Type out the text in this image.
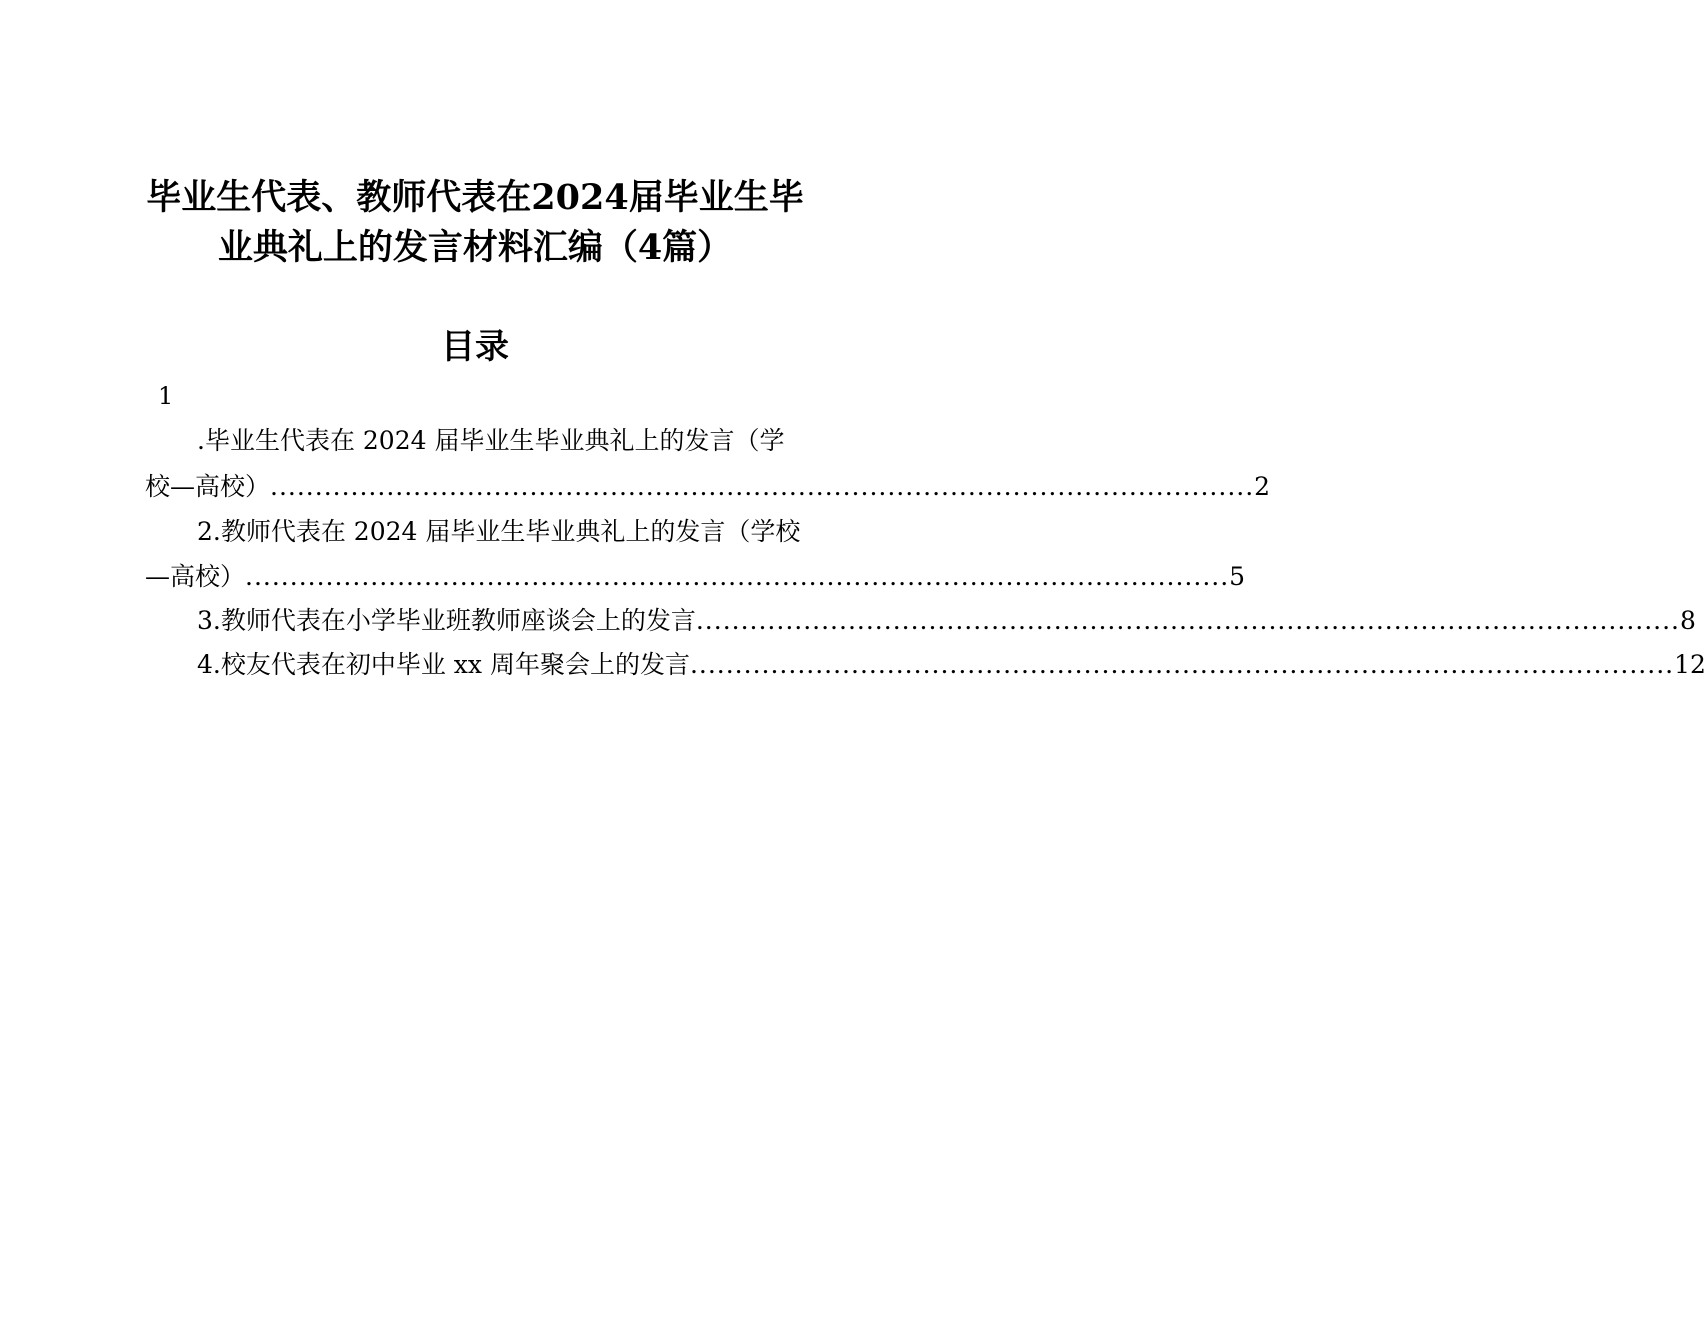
毕业生代表、教师代表在2024届毕业生毕
业典礼上的发言材料汇编（4篇）
目录
1
.毕业生代表在 2024 届毕业生毕业典礼上的发言（学
校—高校） .............................................................................................................. 2
2.教师代表在 2024 届毕业生毕业典礼上的发言（学校
—高校） .............................................................................................................. 5
3.教师代表在小学毕业班教师座谈会上的发言 .............................................................................................................. 8
4.校友代表在初中毕业 xx 周年聚会上的发言 .............................................................................................................. 12
